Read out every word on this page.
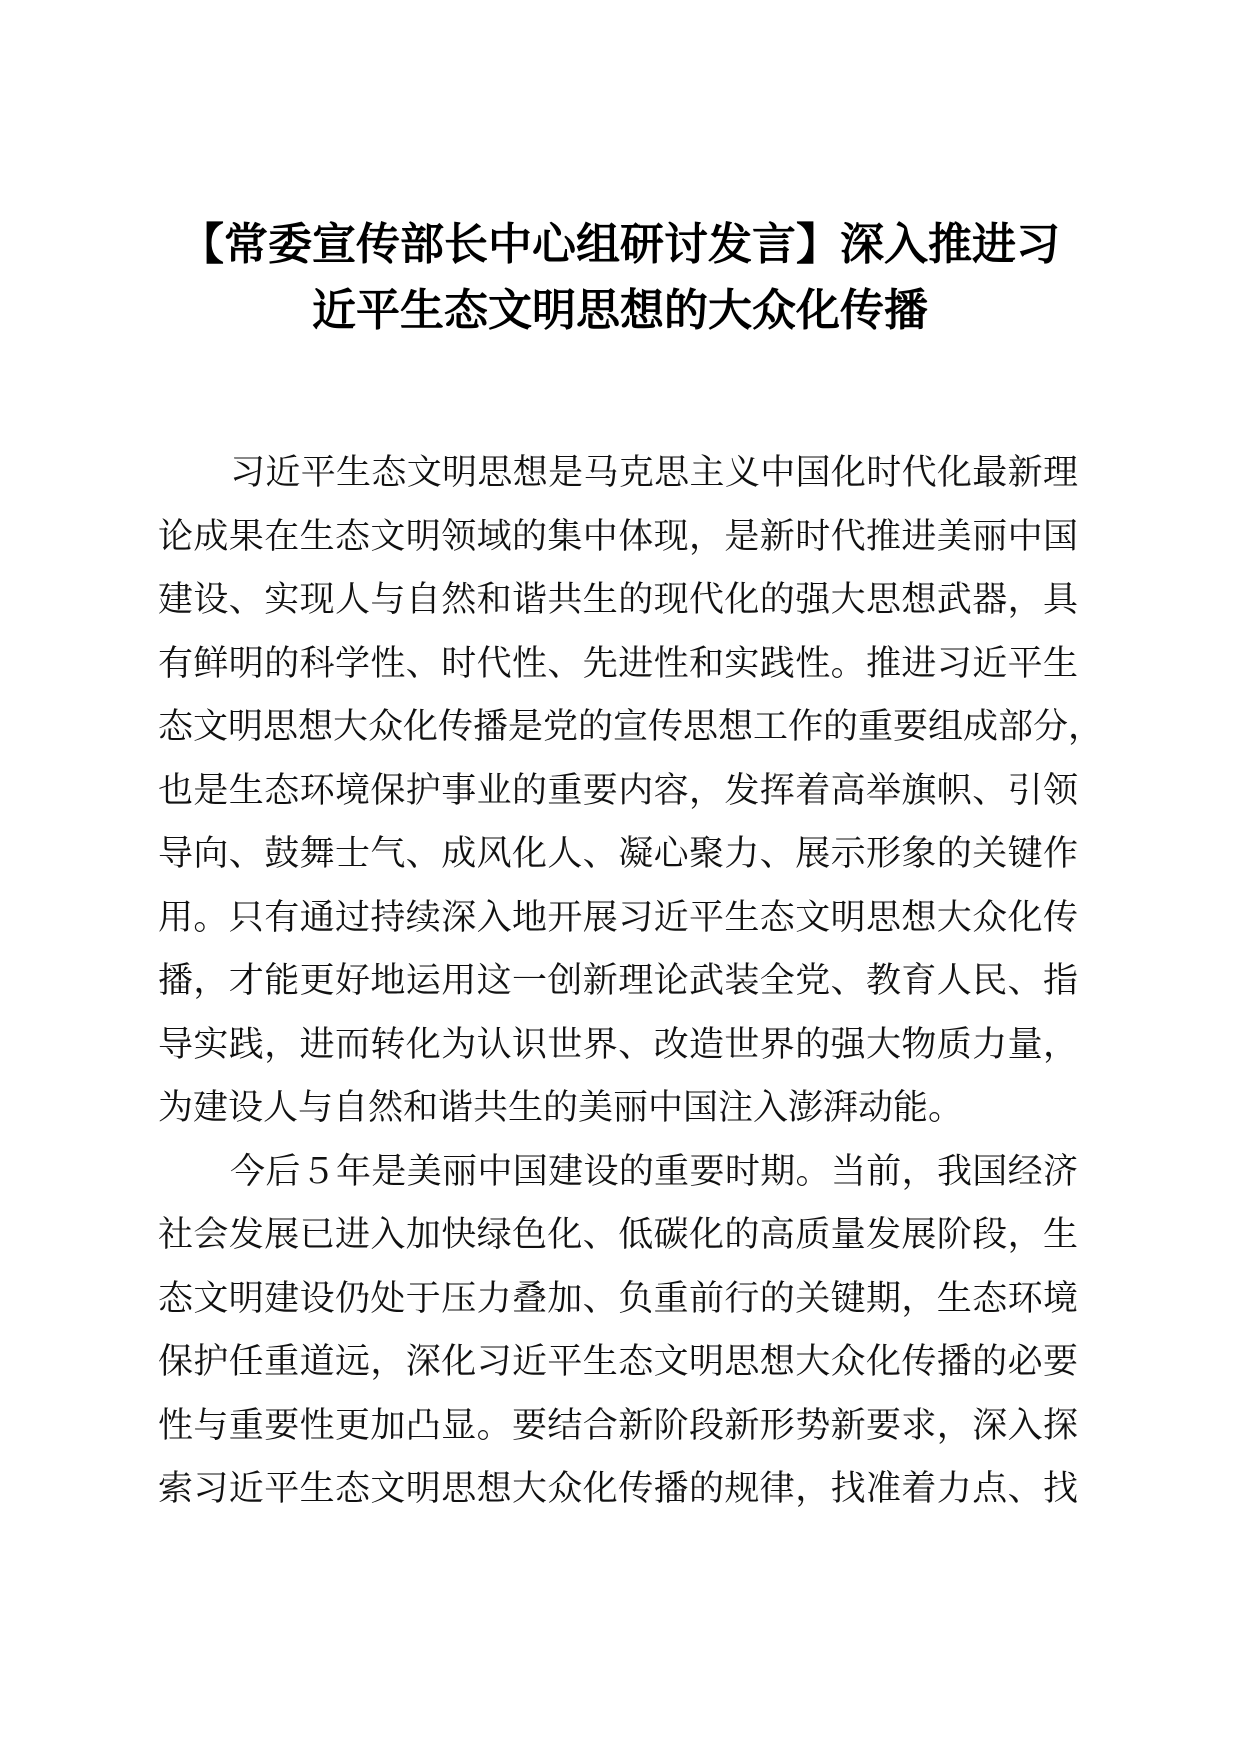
【常委宣传部长中心组研讨发言】深入推进习
近平生态文明思想的大众化传播
习近平生态文明思想是马克思主义中国化时代化最新理
论成果在生态文明领域的集中体现，是新时代推进美丽中国
建设、实现人与自然和谐共生的现代化的强大思想武器，具
有鲜明的科学性、时代性、先进性和实践性。推进习近平生
态文明思想大众化传播是党的宣传思想工作的重要组成部分，
也是生态环境保护事业的重要内容，发挥着高举旗帜、引领
导向、鼓舞士气、成风化人、凝心聚力、展示形象的关键作
用。只有通过持续深入地开展习近平生态文明思想大众化传
播，才能更好地运用这一创新理论武装全党、教育人民、指
导实践，进而转化为认识世界、改造世界的强大物质力量，
为建设人与自然和谐共生的美丽中国注入澎湃动能。
今后５年是美丽中国建设的重要时期。当前，我国经济
社会发展已进入加快绿色化、低碳化的高质量发展阶段，生
态文明建设仍处于压力叠加、负重前行的关键期，生态环境
保护任重道远，深化习近平生态文明思想大众化传播的必要
性与重要性更加凸显。要结合新阶段新形势新要求，深入探
索习近平生态文明思想大众化传播的规律，找准着力点、找
